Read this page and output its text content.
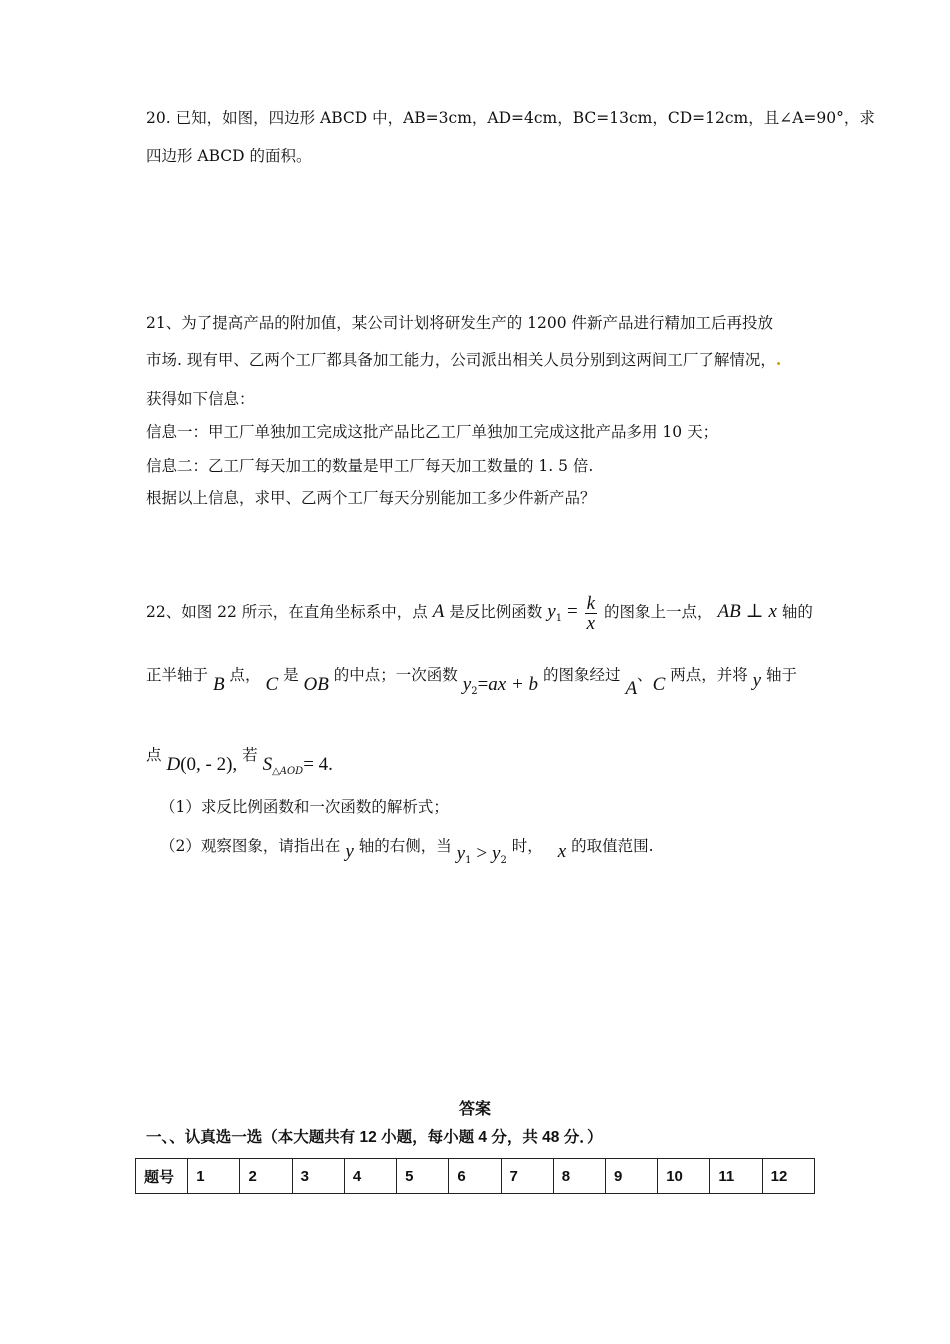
20. 已知，如图，四边形 ABCD 中，AB=3cm，AD=4cm，BC=13cm，CD=12cm，且∠A=90°，求
四边形 ABCD 的面积。
21、为了提高产品的附加值，某公司计划将研发生产的 1200 件新产品进行精加工后再投放
市场. 现有甲、乙两个工厂都具备加工能力，公司派出相关人员分别到这两间工厂了解情况，.
获得如下信息：
信息一：甲工厂单独加工完成这批产品比乙工厂单独加工完成这批产品多用 10 天；
信息二：乙工厂每天加工的数量是甲工厂每天加工数量的 1. 5 倍.
根据以上信息，求甲、乙两个工厂每天分别能加工多少件新产品？
22、如图 22 所示，在直角坐标系中，点 A 是反比例函数 $y_1 = \frac{k}{x}$ 的图象上一点， AB ⊥ x 轴的
正半轴于 B 点， C 是 OB 的中点；一次函数 $y_2=ax + b$ 的图象经过 A、C 两点，并将 y 轴于
点 D(0, - 2), 若 $S_{\triangle AOD}= 4$.
（1）求反比例函数和一次函数的解析式；
（2）观察图象，请指出在 y 轴的右侧，当 $y_1 > y_2$ 时， x 的取值范围.
答案
一、、认真选一选（本大题共有 12 小题，每小题 4 分，共 48 分．）
题号	1	2	3	4	5	6	7	8	9	10	11	12
